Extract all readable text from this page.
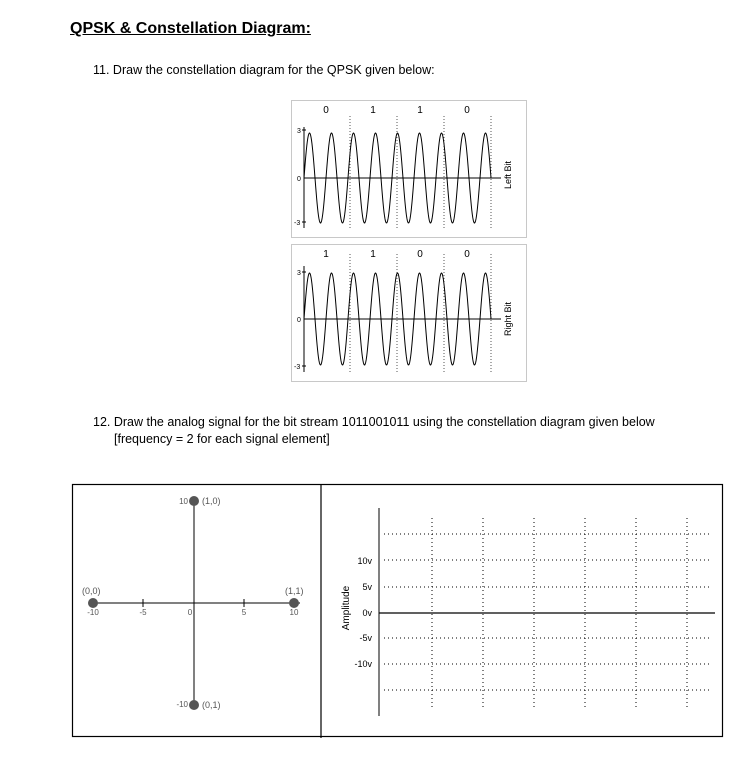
QPSK & Constellation Diagram:
11. Draw the constellation diagram for the QPSK given below:
3
0
-3
0	1	1	0
Left Bit
3
0
-3
1	1	0	0
Right Bit
12. Draw the analog signal for the bit stream 1011001011 using the constellation diagram given below
[frequency = 2 for each signal element]
-10	-5	0	5	10
10
-10
(1,0)
(0,0)	(1,1)
(0,1)
10v
5v
0v
-5v
-10v
Amplitude
